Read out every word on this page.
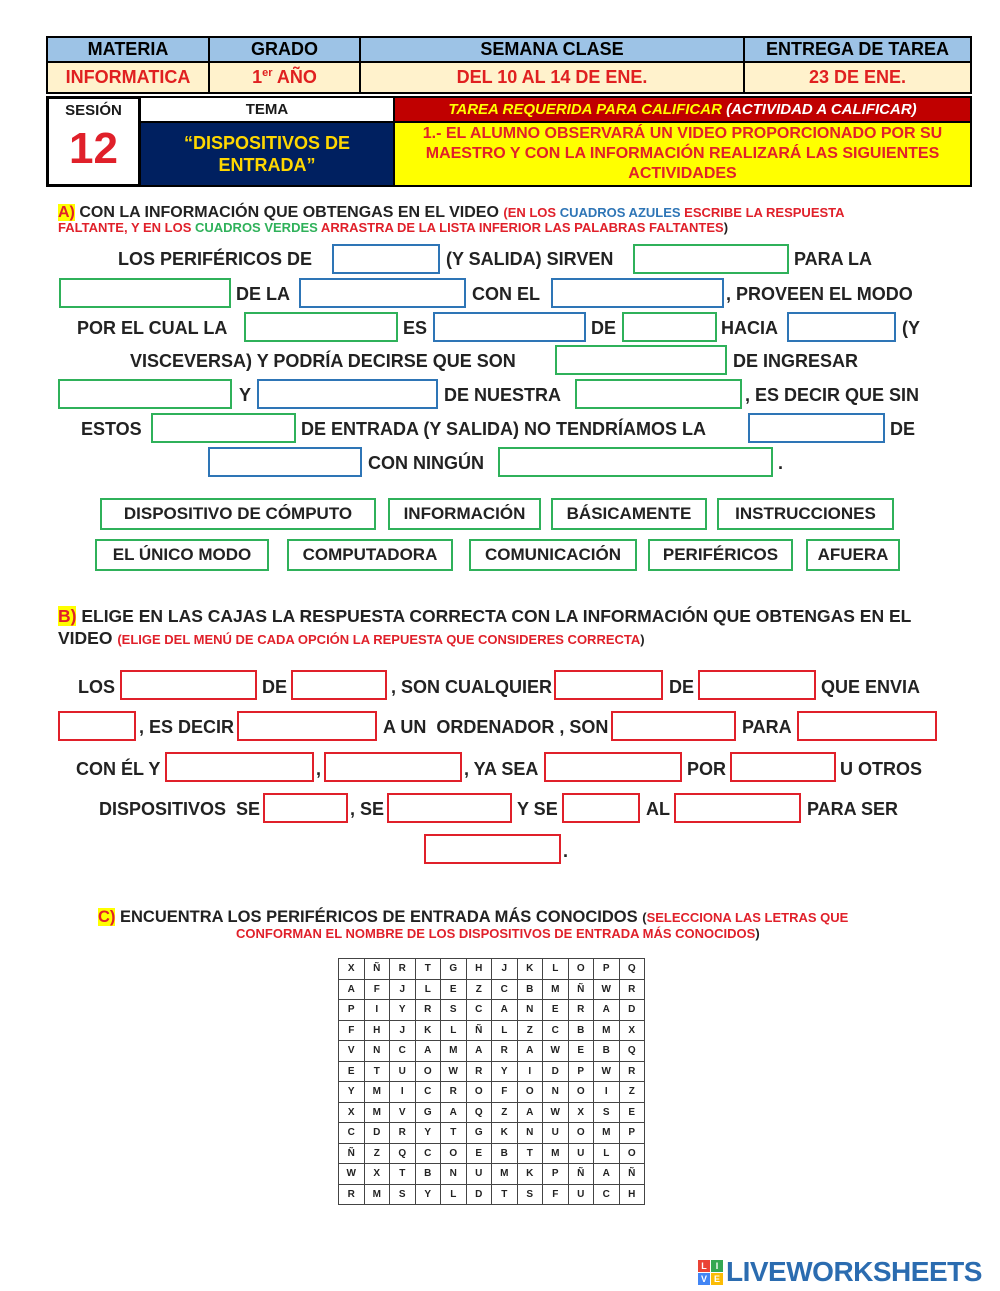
MATERIA	GRADO	SEMANA CLASE	ENTREGA DE TAREA
INFORMATICA	1er AÑO	DEL 10 AL 14 DE ENE.	23 DE ENE.
SESIÓN
12
TEMA
“DISPOSITIVOS DE ENTRADA”
TAREA REQUERIDA PARA CALIFICAR (ACTIVIDAD A CALIFICAR)
1.- EL ALUMNO OBSERVARÁ UN VIDEO PROPORCIONADO POR SU MAESTRO Y CON LA INFORMACIÓN REALIZARÁ LAS SIGUIENTES ACTIVIDADES
A) CON LA INFORMACIÓN QUE OBTENGAS EN EL VIDEO (EN LOS CUADROS AZULES ESCRIBE LA RESPUESTA
FALTANTE, Y EN LOS CUADROS VERDES ARRASTRA DE LA LISTA INFERIOR LAS PALABRAS FALTANTES)
LOS PERIFÉRICOS DE	(Y SALIDA) SIRVEN	PARA LA
DE LA	CON EL	, PROVEEN EL MODO
POR EL CUAL LA	ES	DE	HACIA	(Y
VISCEVERSA) Y PODRÍA DECIRSE QUE SON	DE INGRESAR
Y	DE NUESTRA	, ES DECIR QUE SIN
ESTOS	DE ENTRADA (Y SALIDA) NO TENDRÍAMOS LA	DE
CON NINGÚN	.
DISPOSITIVO DE CÓMPUTO	INFORMACIÓN	BÁSICAMENTE	INSTRUCCIONES
EL ÚNICO MODO	COMPUTADORA	COMUNICACIÓN	PERIFÉRICOS	AFUERA
B) ELIGE EN LAS CAJAS LA RESPUESTA CORRECTA CON LA INFORMACIÓN QUE OBTENGAS EN EL
VIDEO (ELIGE DEL MENÚ DE CADA OPCIÓN LA REPUESTA QUE CONSIDERES CORRECTA)
LOS	DE	, SON CUALQUIER	DE	QUE ENVIA
, ES DECIR	A UN  ORDENADOR , SON	PARA
CON ÉL Y	,	, YA SEA	POR	U OTROS
DISPOSITIVOS  SE	, SE	Y SE	AL	PARA SER
.
C) ENCUENTRA LOS PERIFÉRICOS DE ENTRADA MÁS CONOCIDOS (SELECCIONA LAS LETRAS QUE
CONFORMAN EL NOMBRE DE LOS DISPOSITIVOS DE ENTRADA MÁS CONOCIDOS)
X	Ñ	R	T	G	H	J	K	L	O	P	Q
A	F	J	L	E	Z	C	B	M	Ñ	W	R
P	I	Y	R	S	C	A	N	E	R	A	D
F	H	J	K	L	Ñ	L	Z	C	B	M	X
V	N	C	A	M	A	R	A	W	E	B	Q
E	T	U	O	W	R	Y	I	D	P	W	R
Y	M	I	C	R	O	F	O	N	O	I	Z
X	M	V	G	A	Q	Z	A	W	X	S	E
C	D	R	Y	T	G	K	N	U	O	M	P
Ñ	Z	Q	C	O	E	B	T	M	U	L	O
W	X	T	B	N	U	M	K	P	Ñ	A	Ñ
R	M	S	Y	L	D	T	S	F	U	C	H
L I
V E LIVEWORKSHEETS
